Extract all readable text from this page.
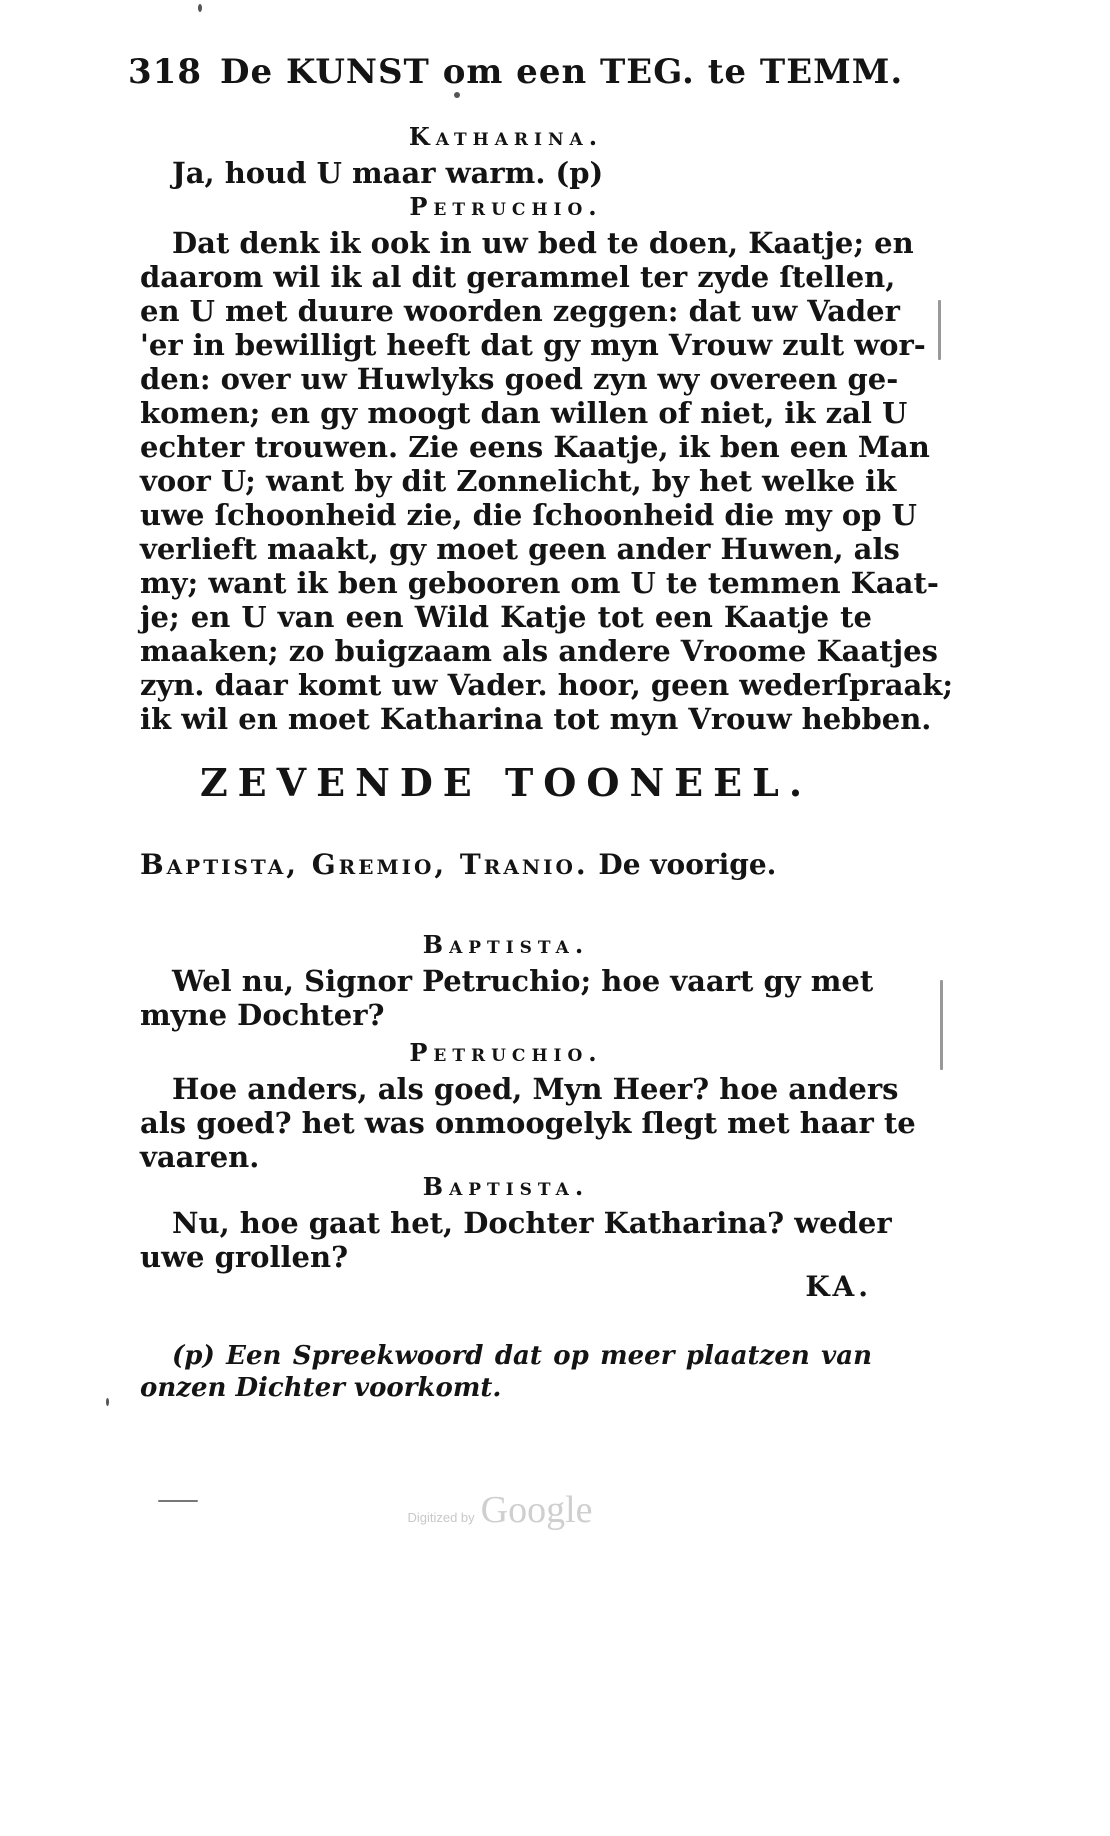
318 De KUNST om een TEG. te TEMM.
Katharina.
Ja, houd U maar warm. (p)
Petruchio.
Dat denk ik ook in uw bed te doen, Kaatje; en
daarom wil ik al dit gerammel ter zyde ſtellen,
en U met duure woorden zeggen: dat uw Vader
'er in bewilligt heeft dat gy myn Vrouw zult wor-
den: over uw Huwlyks goed zyn wy overeen ge-
komen; en gy moogt dan willen of niet, ik zal U
echter trouwen. Zie eens Kaatje, ik ben een Man
voor U; want by dit Zonnelicht, by het welke ik
uwe ſchoonheid zie, die ſchoonheid die my op U
verlieft maakt, gy moet geen ander Huwen, als
my; want ik ben gebooren om U te temmen Kaat-
je; en U van een Wild Katje tot een Kaatje te
maaken; zo buigzaam als andere Vroome Kaatjes
zyn. daar komt uw Vader. hoor, geen wederſpraak;
ik wil en moet Katharina tot myn Vrouw hebben.
ZEVENDE TOONEEL.
Baptista, Gremio, Tranio. De voorige.
Baptista.
Wel nu, Signor Petruchio; hoe vaart gy met
myne Dochter?
Petruchio.
Hoe anders, als goed, Myn Heer? hoe anders
als goed? het was onmoogelyk ſlegt met haar te
vaaren.
Baptista.
Nu, hoe gaat het, Dochter Katharina? weder
uwe grollen?
KA.
(p) Een Spreekwoord dat op meer plaatzen van
onzen Dichter voorkomt.
Digitized by Google
